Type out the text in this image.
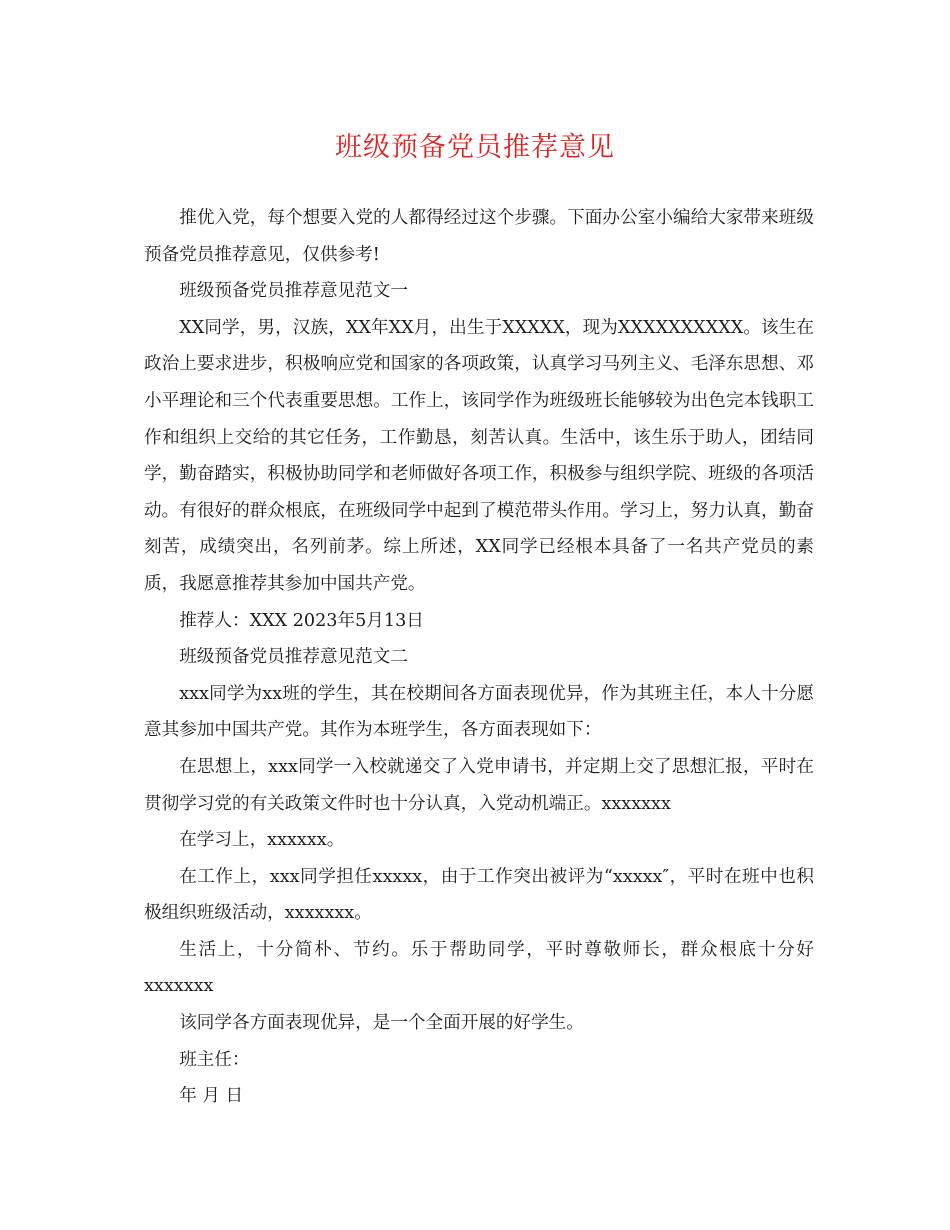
班级预备党员推荐意见

推优入党，每个想要入党的人都得经过这个步骤。下面办公室小编给大家带来班级预备党员推荐意见，仅供参考!

班级预备党员推荐意见范文一

XX同学，男，汉族，XX年XX月，出生于XXXXX，现为XXXXXXXXXX。该生在政治上要求进步，积极响应党和国家的各项政策，认真学习马列主义、毛泽东思想、邓小平理论和三个代表重要思想。工作上，该同学作为班级班长能够较为出色完本钱职工作和组织上交给的其它任务，工作勤恳，刻苦认真。生活中，该生乐于助人，团结同学，勤奋踏实，积极协助同学和老师做好各项工作，积极参与组织学院、班级的各项活动。有很好的群众根底，在班级同学中起到了模范带头作用。学习上，努力认真，勤奋刻苦，成绩突出，名列前茅。综上所述，XX同学已经根本具备了一名共产党员的素质，我愿意推荐其参加中国共产党。

推荐人：XXX 2023年5月13日

班级预备党员推荐意见范文二

xxx同学为xx班的学生，其在校期间各方面表现优异，作为其班主任，本人十分愿意其参加中国共产党。其作为本班学生，各方面表现如下：

在思想上，xxx同学一入校就递交了入党申请书，并定期上交了思想汇报，平时在贯彻学习党的有关政策文件时也十分认真，入党动机端正。xxxxxxx

在学习上，xxxxxx。

在工作上，xxx同学担任xxxxx，由于工作突出被评为“xxxxx″，平时在班中也积极组织班级活动，xxxxxxx。

生活上，十分简朴、节约。乐于帮助同学，平时尊敬师长，群众根底十分好xxxxxxx

该同学各方面表现优异，是一个全面开展的好学生。

班主任：

年 月 日
